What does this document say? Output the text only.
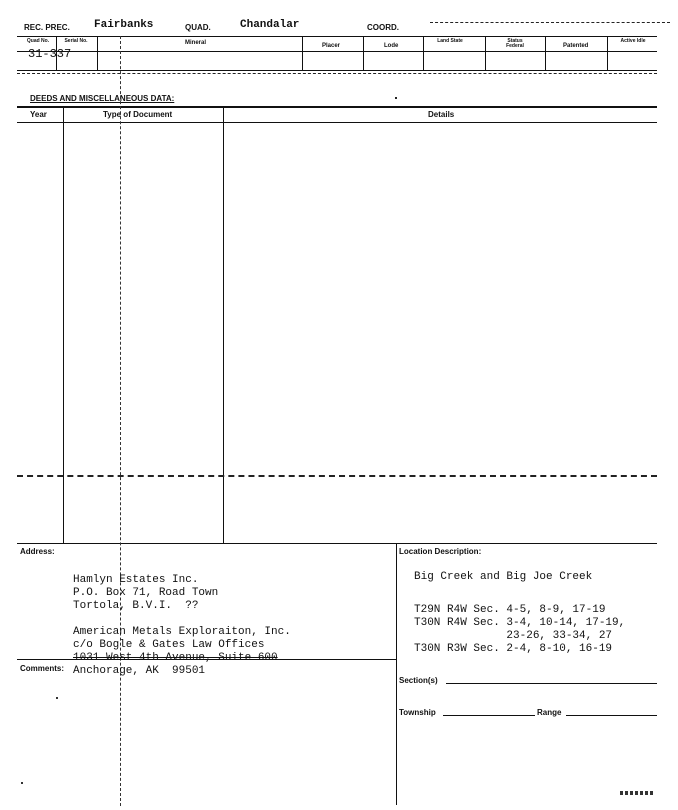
REC. PREC. Fairbanks	QUAD.	Chandalar	COORD.
Quad No.	Serial No.	Mineral	Placer	Lode
Land State	Status Federal	Patented
Active Idle
31-337
DEEDS AND MISCELLANEOUS DATA:
Year	Type of Document	Details
Address:
Hamlyn Estates Inc.
P.O. Box 71, Road Town
Tortola, B.V.I.  ??
American Metals Exploraiton, Inc.
c/o Bogle & Gates Law Offices
1031 West 4th Avenue, Suite 600
Anchorage, AK  99501
Comments:
Location Description:
Big Creek and Big Joe Creek
T29N R4W Sec. 4-5, 8-9, 17-19
T30N R4W Sec. 3-4, 10-14, 17-19,
23-26, 33-34, 27
T30N R3W Sec. 2-4, 8-10, 16-19
Section(s)
Township	Range
